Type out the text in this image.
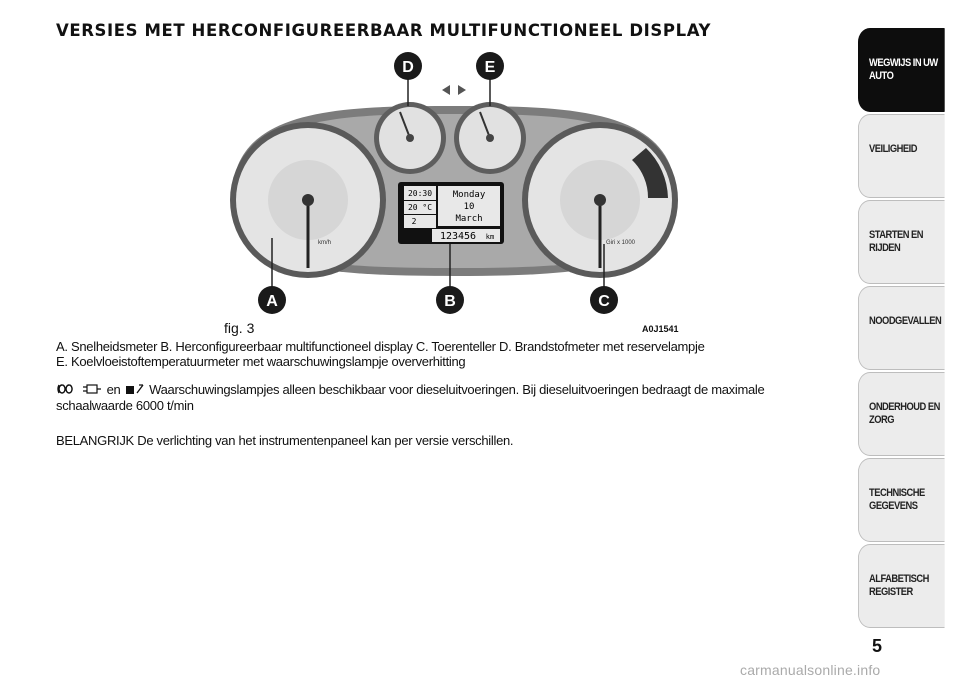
VERSIES MET HERCONFIGUREERBAAR MULTIFUNCTIONEEL DISPLAY
km/h	Giri x 1000
20:30
20 °C
2
Monday
10
March
123456 km
A	B	C
D	E
fig. 3	A0J1541

A. Snelheidsmeter B. Herconfigureerbaar multifunctioneel display C. Toerenteller D. Brandstofmeter met reservelampje

E. Koelvloeistoftemperatuurmeter met waarschuwingslampje oververhitting

en Waarschuwingslampjes alleen beschikbaar voor dieseluitvoeringen. Bij dieseluitvoeringen bedraagt de maximale schaalwaarde 6000 t/min
BELANGRIJK De verlichting van het instrumentenpaneel kan per versie verschillen.
WEGWIJS IN UW AUTO
VEILIGHEID
STARTEN EN RIJDEN
NOODGEVALLEN
ONDERHOUD EN ZORG
TECHNISCHE GEGEVENS
ALFABETISCH REGISTER
5
carmanualsonline.info
